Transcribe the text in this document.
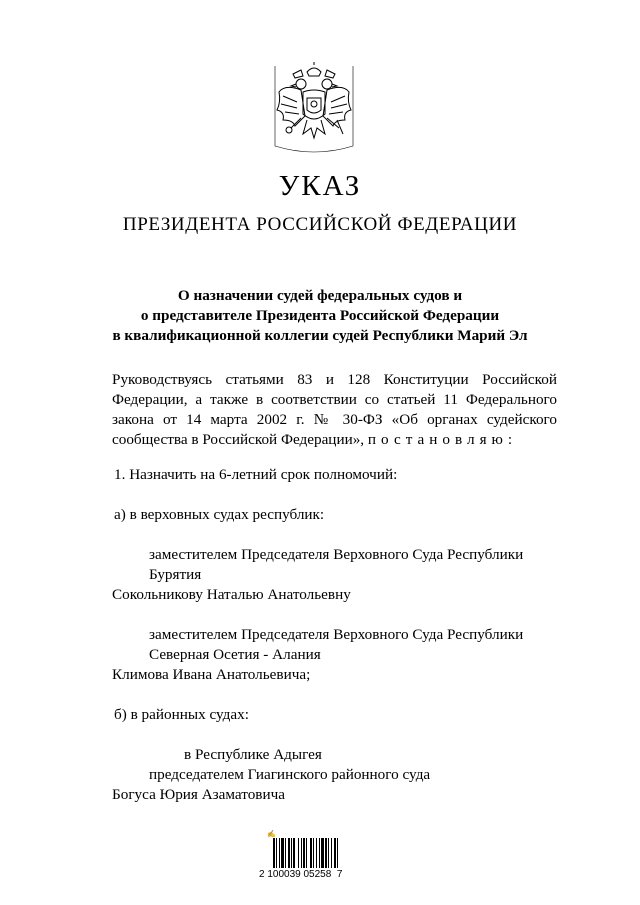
УКАЗ
ПРЕЗИДЕНТА РОССИЙСКОЙ ФЕДЕРАЦИИ
О назначении судей федеральных судов и
о представителе Президента Российской Федерации
в квалификационной коллегии судей Республики Марий Эл
Руководствуясь статьями 83 и 128 Конституции Российской Федерации, а также в соответствии со статьей 11 Федерального закона от 14 марта 2002 г. № 30-ФЗ «Об органах судейского сообщества в Российской Федерации», постановляю:
1. Назначить на 6-летний срок полномочий:
а) в верховных судах республик:
заместителем Председателя Верховного Суда Республики
Бурятия
Сокольникову Наталью Анатольевну
заместителем Председателя Верховного Суда Республики
Северная Осетия - Алания
Климова Ивана Анатольевича;
б) в районных судах:
в Республике Адыгея
председателем Гиагинского районного суда
Богуса Юрия Азаматовича
✍
2 100039 05258  7
